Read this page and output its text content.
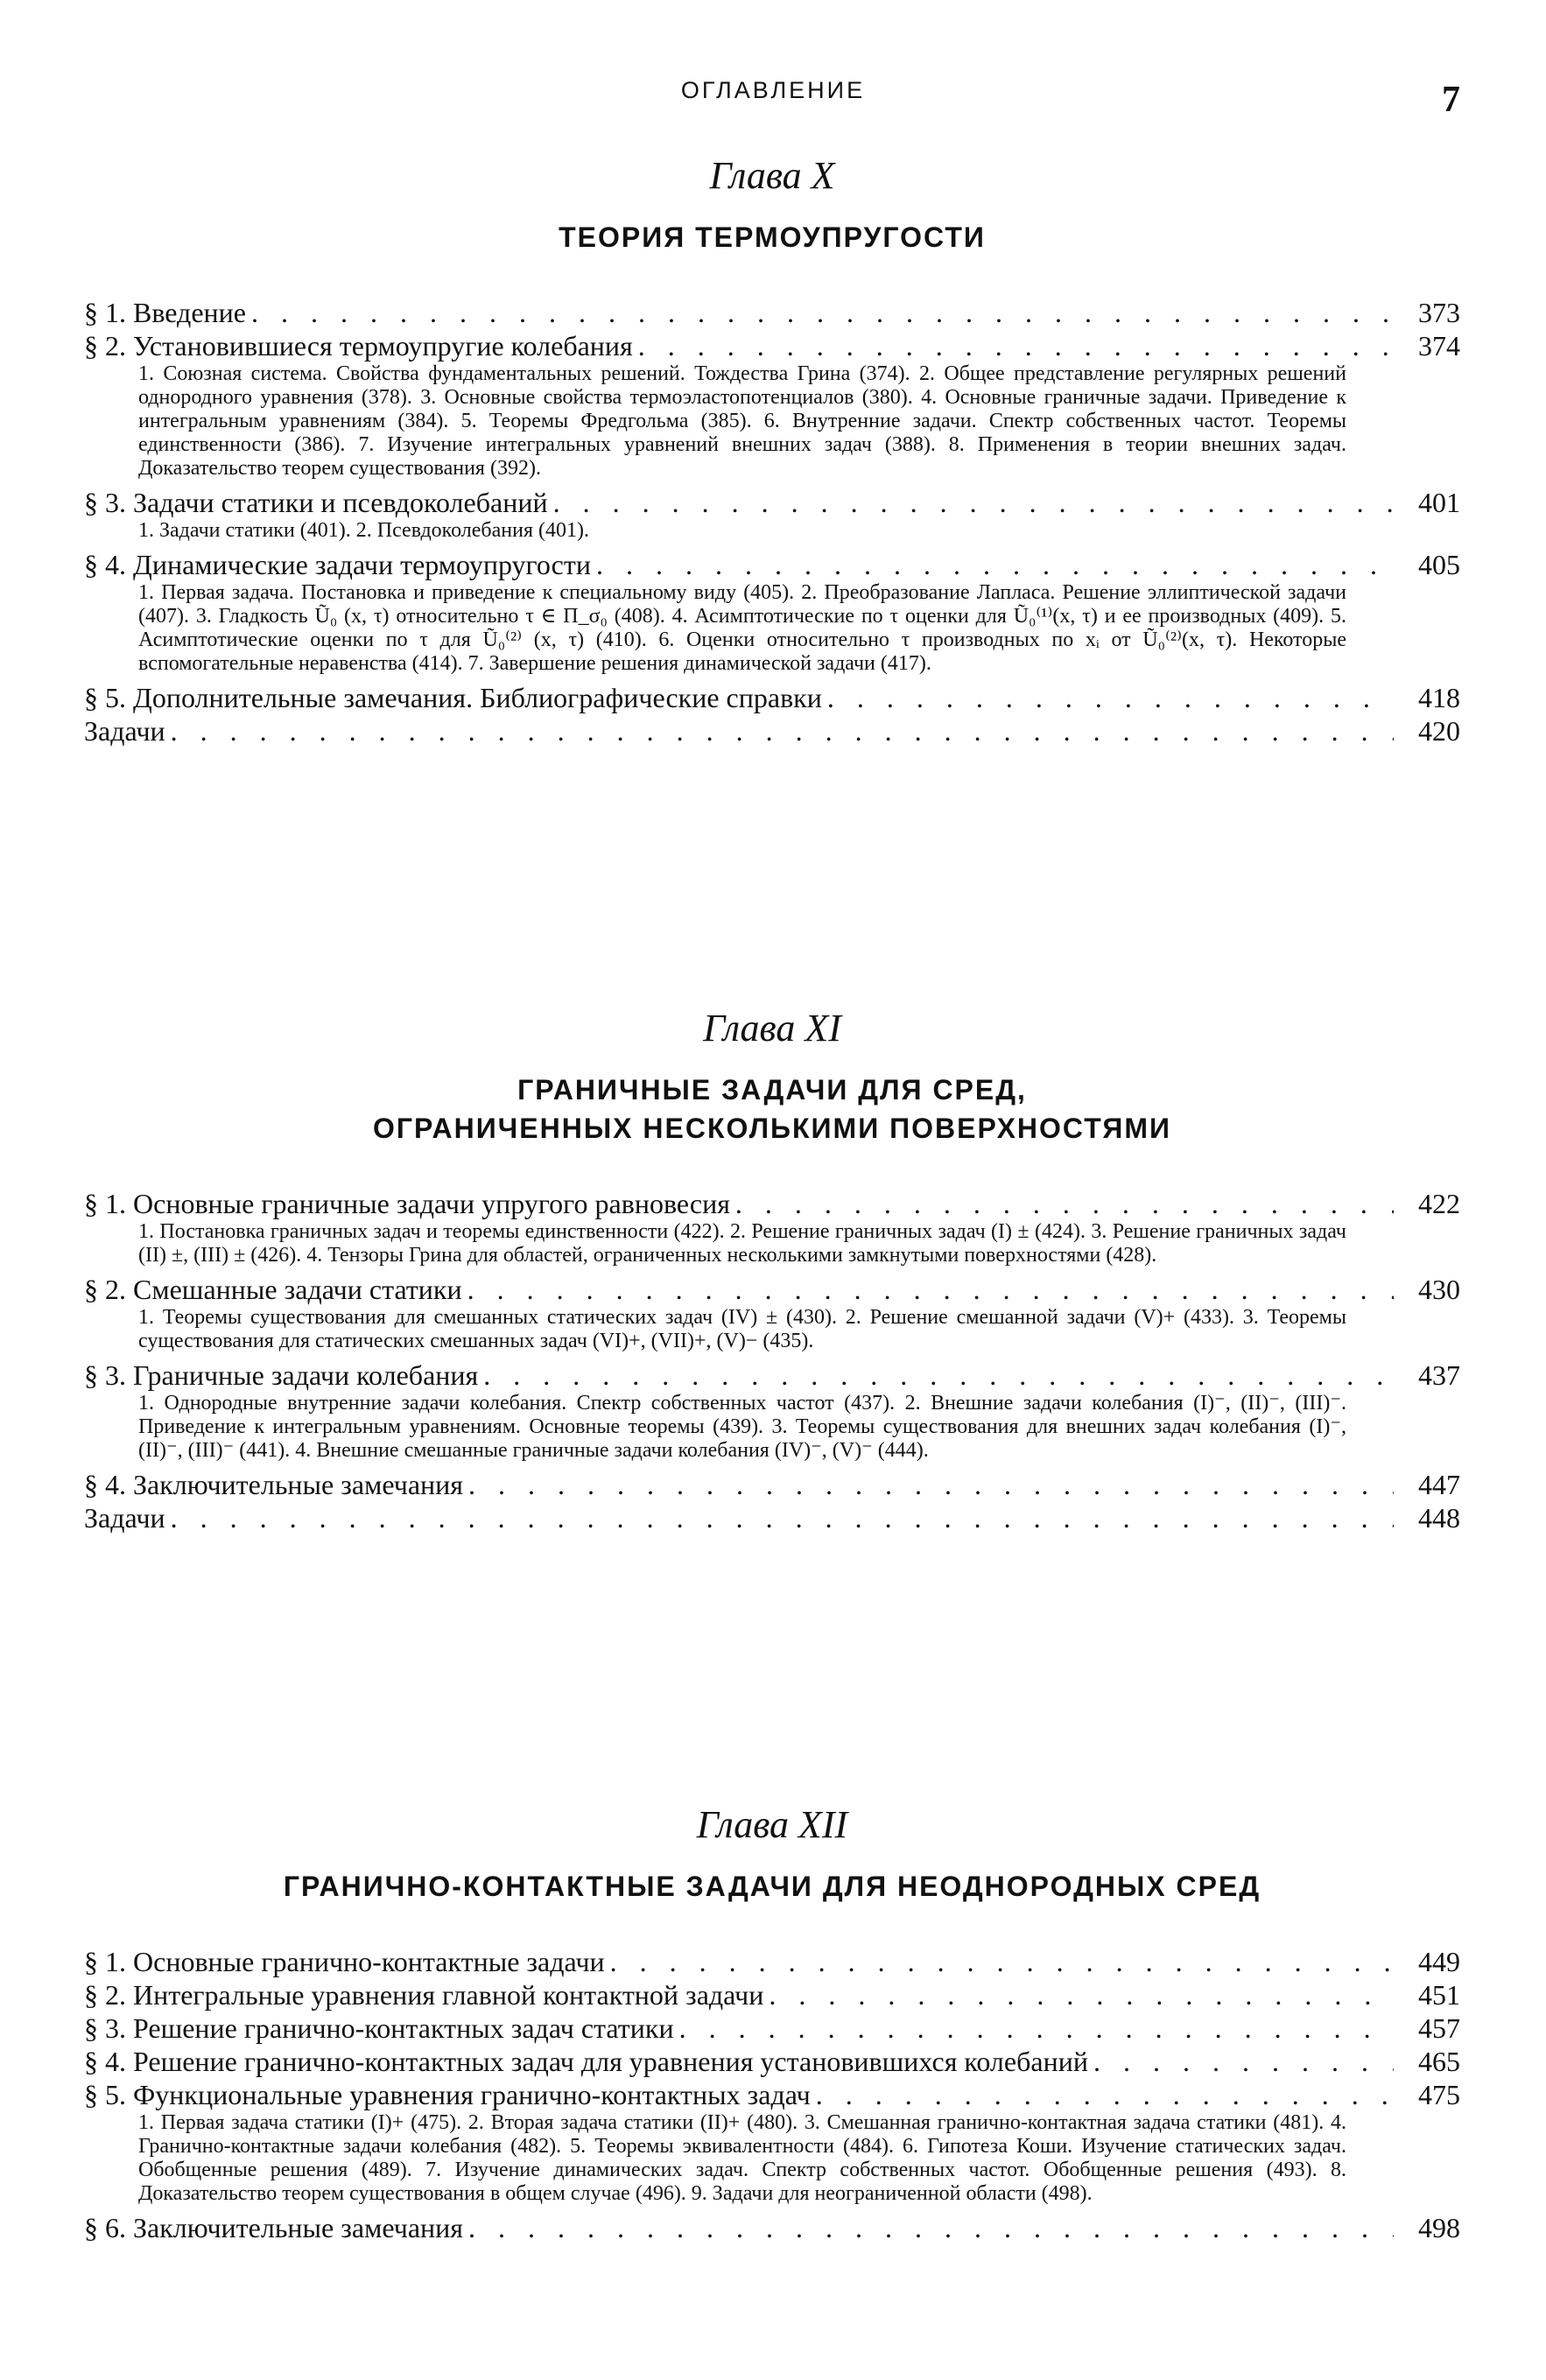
ОГЛАВЛЕНИЕ	7
Глава X
ТЕОРИЯ ТЕРМОУПРУГОСТИ
§ 1. Введение . . .	373
§ 2. Установившиеся термоупругие колебания . . .	374
1. Союзная система. Свойства фундаментальных решений. Тождества Грина (374). 2. Общее представление регулярных решений однородного уравнения (378). 3. Основные свойства термоэластопотенциалов (380). 4. Основные граничные задачи. Приведение к интегральным уравнениям (384). 5. Теоремы Фредгольма (385). 6. Внутренние задачи. Спектр собственных частот. Теоремы единственности (386). 7. Изучение интегральных уравнений внешних задач (388). 8. Применения в теории внешних задач. Доказательство теорем существования (392).
§ 3. Задачи статики и псевдоколебаний . . .	401
1. Задачи статики (401). 2. Псевдоколебания (401).
§ 4. Динамические задачи термоупругости . . .	405
1. Первая задача. Постановка и приведение к специальному виду (405). 2. Преобразование Лапласа. Решение эллиптической задачи (407). 3. Гладкость Ũ₀ (x, τ) относительно τ ∈ Π_σ₀ (408). 4. Асимптотические по τ оценки для Ũ₀⁽¹⁾(x, τ) и ее производных (409). 5. Асимптотические оценки по τ для Ũ₀⁽²⁾ (x, τ) (410). 6. Оценки относительно τ производных по xᵢ от Ũ₀⁽²⁾(x, τ). Некоторые вспомогательные неравенства (414). 7. Завершение решения динамической задачи (417).
§ 5. Дополнительные замечания. Библиографические справки . . .	418
Задачи . . .	420
Глава XI
ГРАНИЧНЫЕ ЗАДАЧИ ДЛЯ СРЕД,
ОГРАНИЧЕННЫХ НЕСКОЛЬКИМИ ПОВЕРХНОСТЯМИ
§ 1. Основные граничные задачи упругого равновесия . . .	422
1. Постановка граничных задач и теоремы единственности (422). 2. Решение граничных задач (I) ± (424). 3. Решение граничных задач (II) ±, (III) ± (426). 4. Тензоры Грина для областей, ограниченных несколькими замкнутыми поверхностями (428).
§ 2. Смешанные задачи статики . . .	430
1. Теоремы существования для смешанных статических задач (IV) ± (430). 2. Решение смешанной задачи (V)+ (433). 3. Теоремы существования для статических смешанных задач (VI)+, (VII)+, (V)− (435).
§ 3. Граничные задачи колебания . . .	437
1. Однородные внутренние задачи колебания. Спектр собственных частот (437). 2. Внешние задачи колебания (I)⁻, (II)⁻, (III)⁻. Приведение к интегральным уравнениям. Основные теоремы (439). 3. Теоремы существования для внешних задач колебания (I)⁻, (II)⁻, (III)⁻ (441). 4. Внешние смешанные граничные задачи колебания (IV)⁻, (V)⁻ (444).
§ 4. Заключительные замечания . . .	447
Задачи . . .	448
Глава XII
ГРАНИЧНО-КОНТАКТНЫЕ ЗАДАЧИ ДЛЯ НЕОДНОРОДНЫХ СРЕД
§ 1. Основные гранично-контактные задачи . . .	449
§ 2. Интегральные уравнения главной контактной задачи . . .	451
§ 3. Решение гранично-контактных задач статики . . .	457
§ 4. Решение гранично-контактных задач для уравнения установившихся колебаний . . .	465
§ 5. Функциональные уравнения гранично-контактных задач . . .	475
1. Первая задача статики (I)+ (475). 2. Вторая задача статики (II)+ (480). 3. Смешанная гранично-контактная задача статики (481). 4. Гранично-контактные задачи колебания (482). 5. Теоремы эквивалентности (484). 6. Гипотеза Коши. Изучение статических задач. Обобщенные решения (489). 7. Изучение динамических задач. Спектр собственных частот. Обобщенные решения (493). 8. Доказательство теорем существования в общем случае (496). 9. Задачи для неограниченной области (498).
§ 6. Заключительные замечания . . .	498
